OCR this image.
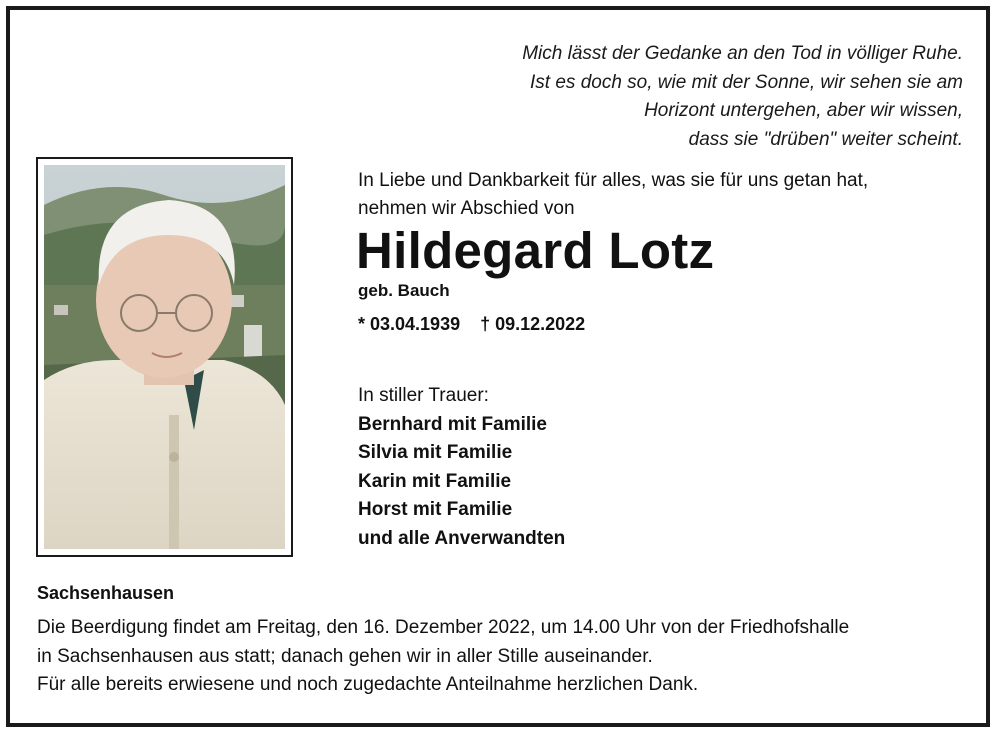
Mich lässt der Gedanke an den Tod in völliger Ruhe.
Ist es doch so, wie mit der Sonne, wir sehen sie am
Horizont untergehen, aber wir wissen,
dass sie "drüben" weiter scheint.
In Liebe und Dankbarkeit für alles, was sie für uns getan hat,
nehmen wir Abschied von
Hildegard Lotz
geb. Bauch
* 03.04.1939 † 09.12.2022
In stiller Trauer:
Bernhard mit Familie
Silvia mit Familie
Karin mit Familie
Horst mit Familie
und alle Anverwandten
Sachsenhausen
Die Beerdigung findet am Freitag, den 16. Dezember 2022, um 14.00 Uhr von der Friedhofshalle
in Sachsenhausen aus statt; danach gehen wir in aller Stille auseinander.
Für alle bereits erwiesene und noch zugedachte Anteilnahme herzlichen Dank.
